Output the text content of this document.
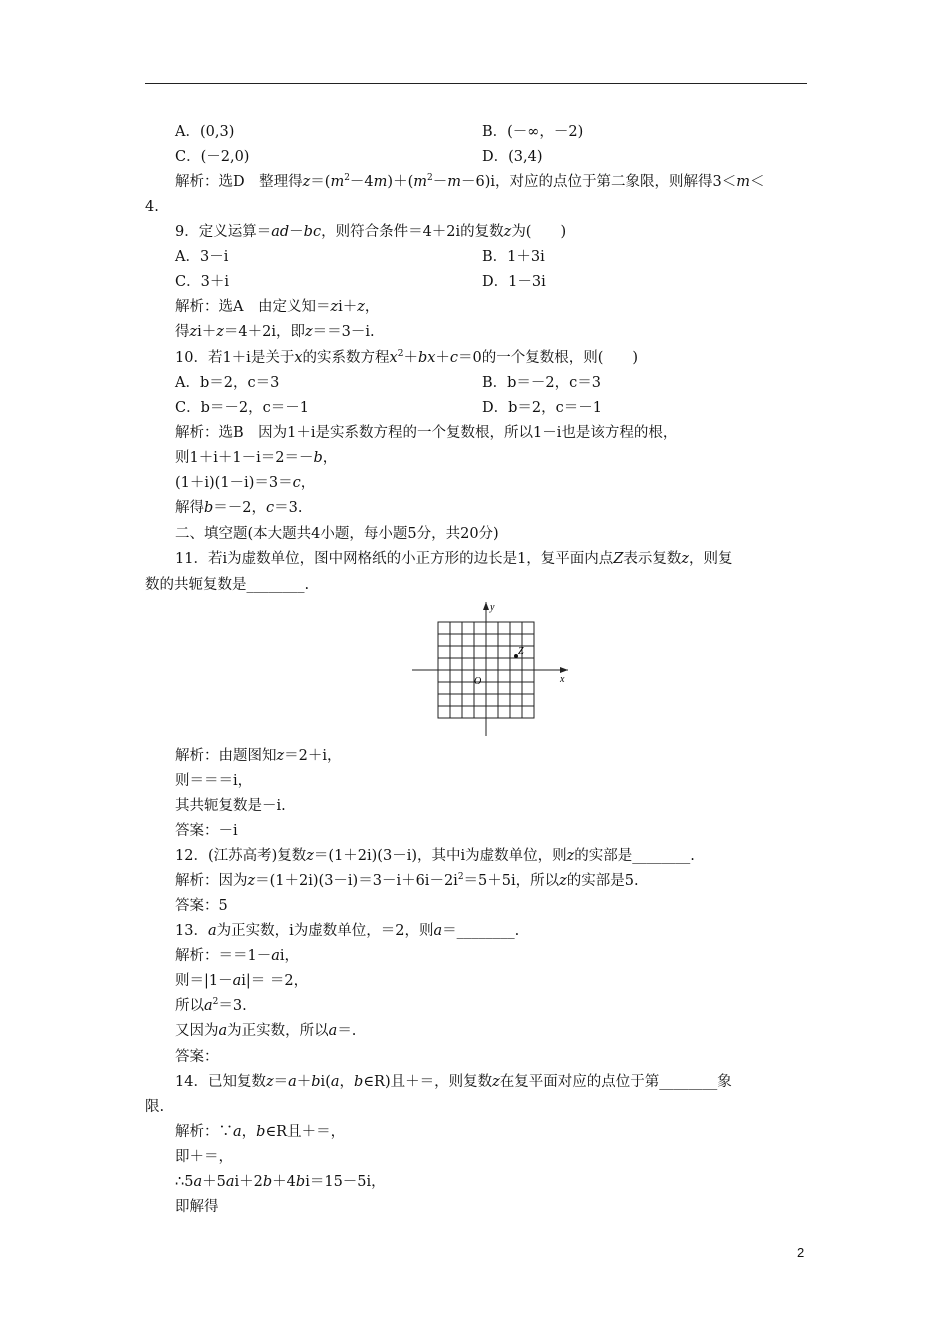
A．(0,3)	B．(－∞，－2)
C．(－2,0)	D．(3,4)
解析：选D　整理得$z=(m^2-4m)+(m^2-m-6)i$，对应的点位于第二象限，则解得3＜m＜
4.
9．定义运算＝ad－bc，则符合条件＝4＋2i的复数z为(　　)
A．3－i	B．1＋3i
C．3＋i	D．1－3i
解析：选A　由定义知＝zi＋z，
得zi＋z＝4＋2i，即z＝＝3－i.
10．若1＋i是关于x的实系数方程$x^2+bx+c=0$的一个复数根，则(　　)
A．b＝2，c＝3	B．b＝－2，c＝3
C．b＝－2，c＝－1	D．b＝2，c＝－1
解析：选B　因为1＋i是实系数方程的一个复数根，所以1－i也是该方程的根，
则1＋i＋1－i＝2＝－b，
(1＋i)(1－i)＝3＝c，
解得b＝－2，c＝3.
二、填空题(本大题共4小题，每小题5分，共20分)
11．若i为虚数单位，图中网格纸的小正方形的边长是1，复平面内点Z表示复数z，则复
数的共轭复数是________.
y
x
O
Z
解析：由题图知z＝2＋i，
则＝＝＝i，
其共轭复数是－i.
答案：－i
12．(江苏高考)复数z＝(1＋2i)(3－i)，其中i为虚数单位，则z的实部是________.
解析：因为$z=(1+2i)(3-i)=3-i+6i-2i^2=5+5i$，所以z的实部是5.
答案：5
13．a为正实数，i为虚数单位，＝2，则a＝________.
解析：＝＝1－ai，
则＝|1－ai|＝ ＝2，
所以$a^2=3$.
又因为a为正实数，所以a＝.
答案：
14．已知复数z＝a＋bi(a，b∈R)且＋＝，则复数z在复平面对应的点位于第________象
限.
解析：∵a，b∈R且＋＝，
即＋＝，
∴5a＋5ai＋2b＋4bi＝15－5i，
即解得
2
